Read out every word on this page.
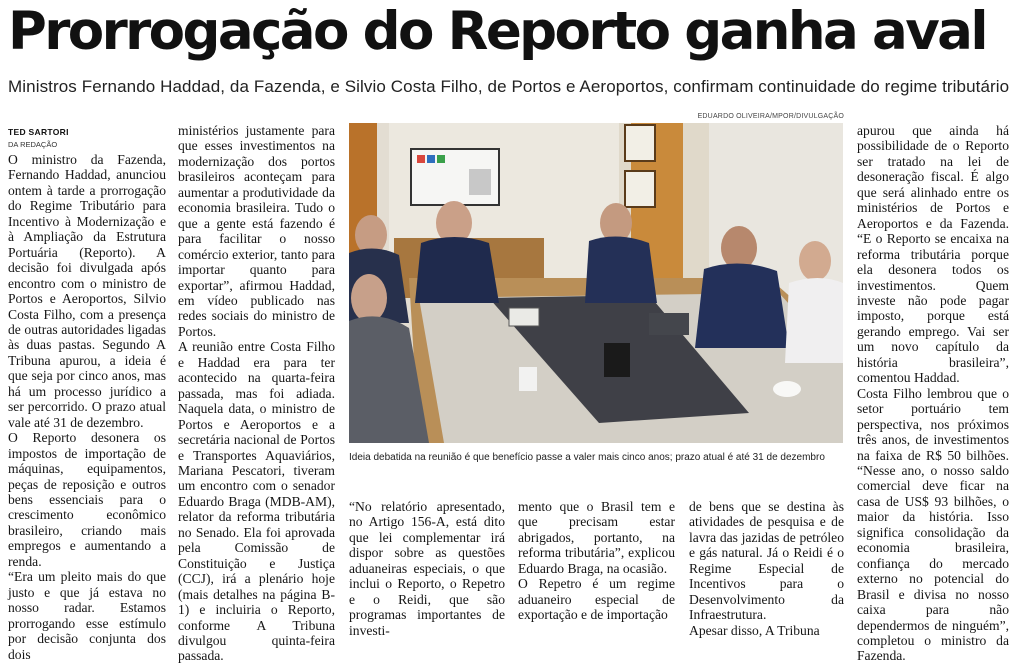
Prorrogação do Reporto ganha aval
Ministros Fernando Haddad, da Fazenda, e Silvio Costa Filho, de Portos e Aeroportos, confirmam continuidade do regime tributário
TED SARTORI
DA REDAÇÃO

O ministro da Fazenda, Fernando Haddad, anunciou ontem à tarde a prorrogação do Regime Tributário para Incentivo à Modernização e à Ampliação da Estrutura Portuária (Reporto). A decisão foi divulgada após encontro com o ministro de Portos e Aeroportos, Silvio Costa Filho, com a presença de outras autoridades ligadas às duas pastas. Segundo A Tribuna apurou, a ideia é que seja por cinco anos, mas há um processo jurídico a ser percorrido. O prazo atual vale até 31 de dezembro.

O Reporto desonera os impostos de importação de máquinas, equipamentos, peças de reposição e outros bens essenciais para o crescimento econômico brasileiro, criando mais empregos e aumentando a renda.

“Era um pleito mais do que justo e que já estava no nosso radar. Estamos prorrogando esse estímulo por decisão conjunta dos dois

ministérios justamente para que esses investimentos na modernização dos portos brasileiros aconteçam para aumentar a produtividade da economia brasileira. Tudo o que a gente está fazendo é para facilitar o nosso comércio exterior, tanto para importar quanto para exportar”, afirmou Haddad, em vídeo publicado nas redes sociais do ministro de Portos.

A reunião entre Costa Filho e Haddad era para ter acontecido na quarta-feira passada, mas foi adiada. Naquela data, o ministro de Portos e Aeroportos e a secretária nacional de Portos e Transportes Aquaviários, Mariana Pescatori, tiveram um encontro com o senador Eduardo Braga (MDB-AM), relator da reforma tributária no Senado. Ela foi aprovada pela Comissão de Constituição e Justiça (CCJ), irá a plenário hoje (mais detalhes na página B-1) e incluiria o Reporto, conforme A Tribuna divulgou quinta-feira passada.

EDUARDO OLIVEIRA/MPOR/DIVULGAÇÃO
Ideia debatida na reunião é que benefício passe a valer mais cinco anos; prazo atual é até 31 de dezembro

“No relatório apresentado, no Artigo 156-A, está dito que lei complementar irá dispor sobre as questões aduaneiras especiais, o que inclui o Reporto, o Repetro e o Reidi, que são programas importantes de investi-

mento que o Brasil tem e que precisam estar abrigados, portanto, na reforma tributária”, explicou Eduardo Braga, na ocasião.

O Repetro é um regime aduaneiro especial de exportação e de importação

de bens que se destina às atividades de pesquisa e de lavra das jazidas de petróleo e gás natural. Já o Reidi é o Regime Especial de Incentivos para o Desenvolvimento da Infraestrutura.

Apesar disso, A Tribuna

apurou que ainda há possibilidade de o Reporto ser tratado na lei de desoneração fiscal. É algo que será alinhado entre os ministérios de Portos e Aeroportos e da Fazenda. “E o Reporto se encaixa na reforma tributária porque ela desonera todos os investimentos. Quem investe não pode pagar imposto, porque está gerando emprego. Vai ser um novo capítulo da história brasileira”, comentou Haddad.

Costa Filho lembrou que o setor portuário tem perspectiva, nos próximos três anos, de investimentos na faixa de R$ 50 bilhões. “Nesse ano, o nosso saldo comercial deve ficar na casa de US$ 93 bilhões, o maior da história. Isso significa consolidação da economia brasileira, confiança do mercado externo no potencial do Brasil e divisa no nosso caixa para não dependermos de ninguém”, completou o ministro da Fazenda.
